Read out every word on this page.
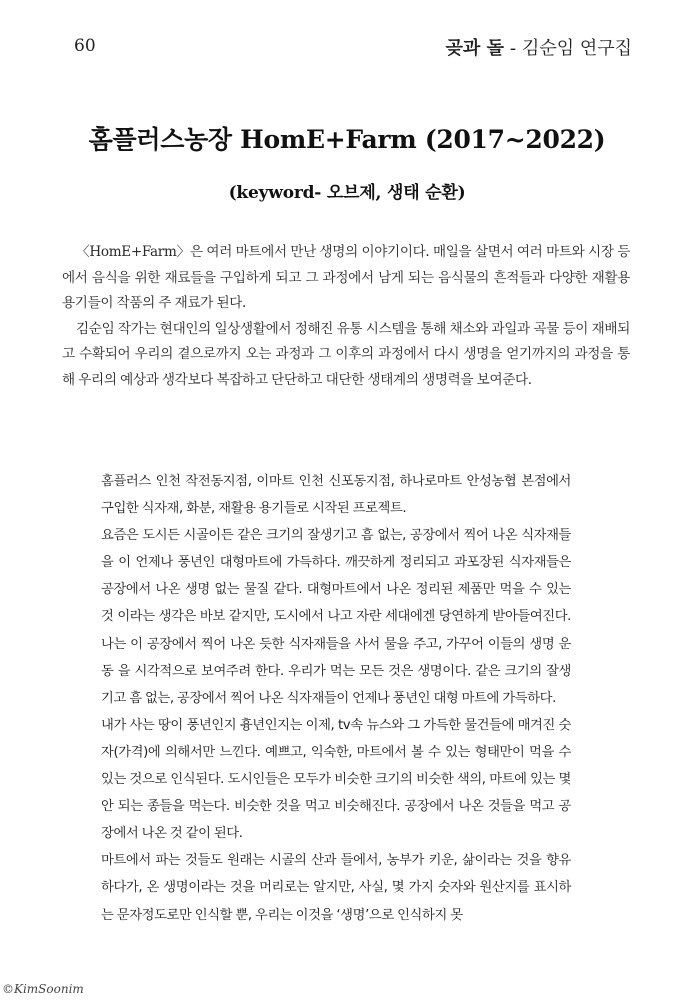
60	곶과 돌 - 김순임 연구집
홈플러스농장 HomE+Farm (2017~2022)
(keyword- 오브제, 생태 순환)

〈HomE+Farm〉은 여러 마트에서 만난 생명의 이야기이다. 매일을 살면서 여러 마트와 시장 등에서 음식을 위한 재료들을 구입하게 되고 그 과정에서 남게 되는 음식물의 흔적들과 다양한 재활용 용기들이 작품의 주 재료가 된다.

김순임 작가는 현대인의 일상생활에서 정해진 유통 시스템을 통해 채소와 과일과 곡물 등이 재배되고 수확되어 우리의 곁으로까지 오는 과정과 그 이후의 과정에서 다시 생명을 얻기까지의 과정을 통해 우리의 예상과 생각보다 복잡하고 단단하고 대단한 생태계의 생명력을 보여준다.

홈플러스 인천 작전동지점, 이마트 인천 신포동지점, 하나로마트 안성농협 본점에서 구입한 식자재, 화분, 재활용 용기들로 시작된 프로젝트.

요즘은 도시든 시골이든 같은 크기의 잘생기고 흠 없는, 공장에서 찍어 나온 식자재들을 이 언제나 풍년인 대형마트에 가득하다. 깨끗하게 정리되고 과포장된 식자재들은 공장에서 나온 생명 없는 물질 같다. 대형마트에서 나온 정리된 제품만 먹을 수 있는 것 이라는 생각은 바보 같지만, 도시에서 나고 자란 세대에겐 당연하게 받아들여진다. 나는 이 공장에서 찍어 나온 듯한 식자재들을 사서 물을 주고, 가꾸어 이들의 생명 운동 을 시각적으로 보여주려 한다. 우리가 먹는 모든 것은 생명이다. 같은 크기의 잘생기고 흠 없는, 공장에서 찍어 나온 식자재들이 언제나 풍년인 대형 마트에 가득하다.

내가 사는 땅이 풍년인지 흉년인지는 이제, tv속 뉴스와 그 가득한 물건들에 매겨진 숫자(가격)에 의해서만 느낀다. 예쁘고, 익숙한, 마트에서 볼 수 있는 형태만이 먹을 수 있는 것으로 인식된다. 도시인들은 모두가 비슷한 크기의 비슷한 색의, 마트에 있는 몇 안 되는 종들을 먹는다. 비슷한 것을 먹고 비슷해진다. 공장에서 나온 것들을 먹고 공장에서 나온 것 같이 된다.

마트에서 파는 것들도 원래는 시골의 산과 들에서, 농부가 키운, 삶이라는 것을 향유 하다가, 온 생명이라는 것을 머리로는 알지만, 사실, 몇 가지 숫자와 원산지를 표시하는 문자정도로만 인식할 뿐, 우리는 이것을 ‘생명’으로 인식하지 못

©KimSoonim
